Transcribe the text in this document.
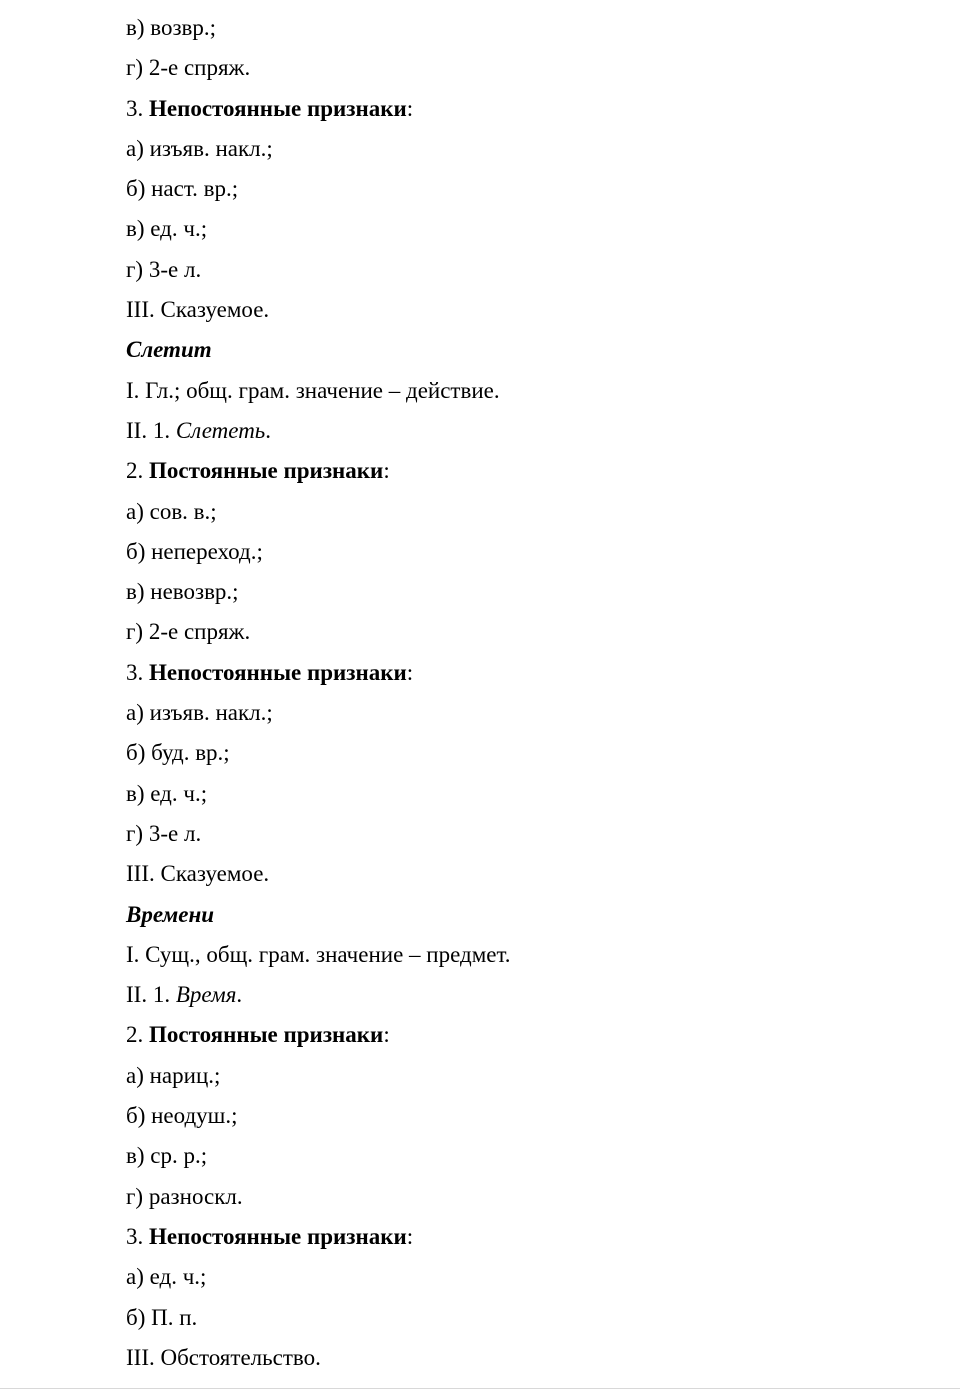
в) возвр.;
г) 2-е спряж.
3. Непостоянные признаки:
а) изъяв. накл.;
б) наст. вр.;
в) ед. ч.;
г) 3-е л.
III. Сказуемое.
Слетит
I. Гл.; общ. грам. значение – действие.
II. 1. Слететь.
2. Постоянные признаки:
а) сов. в.;
б) непереход.;
в) невозвр.;
г) 2-е спряж.
3. Непостоянные признаки:
а) изъяв. накл.;
б) буд. вр.;
в) ед. ч.;
г) 3-е л.
III. Сказуемое.
Времени
I. Сущ., общ. грам. значение – предмет.
II. 1. Время.
2. Постоянные признаки:
а) нариц.;
б) неодуш.;
в) ср. р.;
г) разноскл.
3. Непостоянные признаки:
а) ед. ч.;
б) П. п.
III. Обстоятельство.
